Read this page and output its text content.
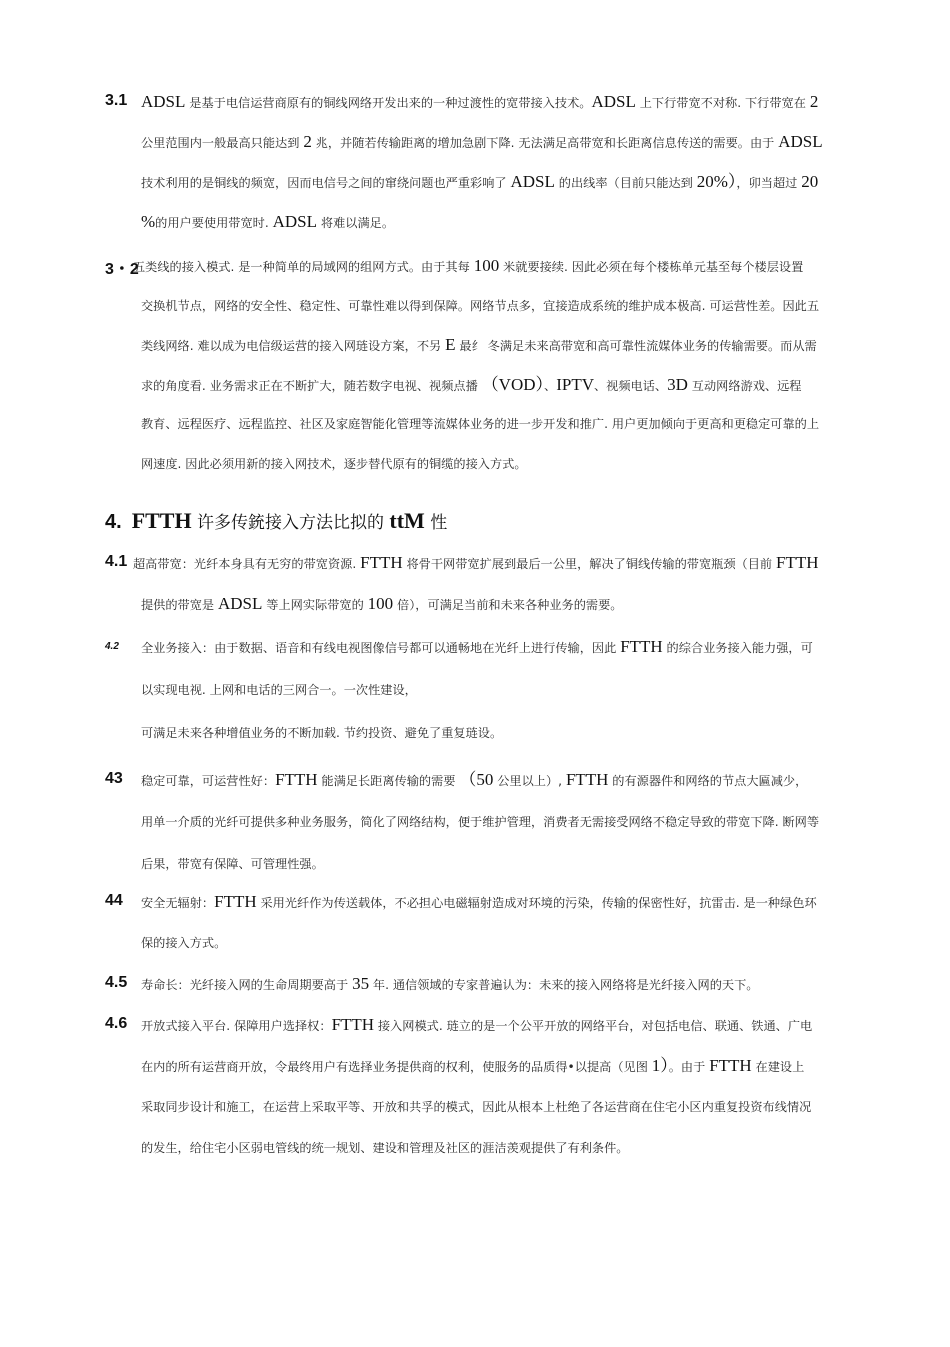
3.1 ADSL 是基于电信运营商原有的铜线网络开发出来的一种过渡性的宽带接入技术。ADSL 上下行带宽不对称. 下行带宽在 2
公里范围内一般最高只能达到 2 兆，并随若传输距离的增加急剧下降. 无法满足高带宽和长距离信息传送的需要。由于 ADSL
技术利用的是铜线的频宽，因而电信号之间的窜绕问题也严重彩响了 ADSL 的出线率（目前只能达到 20%），卯当超过 20
%的用户要使用带宽时. ADSL 将难以满足。
3・2
五类线的接入模式. 是一种简单的局域网的组网方式。由于其每 100 米就要接续. 因此必须在每个楼栋单元基至每个楼层设置
交换机节点，网络的安全性、稳定性、可靠性难以得到保障。网络节点多，宜接造成系统的维护成本极高. 可运营性差。因此五
类线网络. 难以成为电信级运营的接入网琏设方案，不另 E 最纟 冬满足未来高带宽和高可靠性流媒体业务的传输需要。而从需
求的角度看. 业务需求正在不断扩大，随若数字电视、视频点播 （VOD）、IPTV、视频电话、3D 互动网络游戏、远程
教育、远程医疗、远程监控、社区及家庭智能化管理等流媒体业务的进一步开发和推广. 用户更加倾向于更高和更稳定可靠的上
网速度. 因此必须用新的接入网技术，逐步替代原有的铜缆的接入方式。
4.1 超高带宽：光纤本身具有无穷的带宽资源. FTTH 将骨干网带宽扩展到最后一公里，解决了铜线传输的带宽瓶颈（目前 FTTH
提供的带宽是 ADSL 等上网实际带宽的 100 倍），可满足当前和未来各种业务的需要。
4.2 全业务接入：由于数据、语音和有线电视图像信号都可以通畅地在光纤上进行传输，因此 FTTH 的综合业务接入能力强，可
以实现电视. 上网和电话的三网合一。一次性建设，
可满足未来各种增值业务的不断加载. 节约投资、避免了重复琏设。
43 稳定可靠，可运营性好：FTTH 能满足长距离传输的需要 （50 公里以上）, FTTH 的有源器件和网络的节点大匾减少，
用单一介质的光纤可提供多种业务服务，简化了网络结构，便于维护管理，消费者无需接受网络不稳定导致的带宽下降. 断网等
后果，带宽有保障、可管理性强。
44 安全无辐射：FTTH 采用光纤作为传送载体，不必担心电磁辐射造成对环境的污染，传输的保密性好，抗雷击. 是一种绿色环
保的接入方式。
4.5 寿命长：光纤接入网的生命周期要高于 35 年. 通信领域的专家普遍认为：未来的接入网络将是光纤接入网的天下。
4.6 开放式接入平台. 保障用户选择权：FTTH 接入网模式. 琏立的是一个公平开放的网络平台，对包括电信、联通、铁通、广电
在内的所有运营商开放，令最终用户有选择业务提供商的权利，使服务的品质得•以提高（见图 1）。由于 FTTH 在建设上
采取同步设计和施工，在运营上采取平等、开放和共孚的模式，因此从根本上杜绝了各运营商在住宅小区内重复投资布线情况
的发生，给住宅小区弱电管线的统一规划、建设和管理及社区的涯洁羡观提供了有利条件。
4. FTTH 许多传銃接入方法比拟的 ttM 性
